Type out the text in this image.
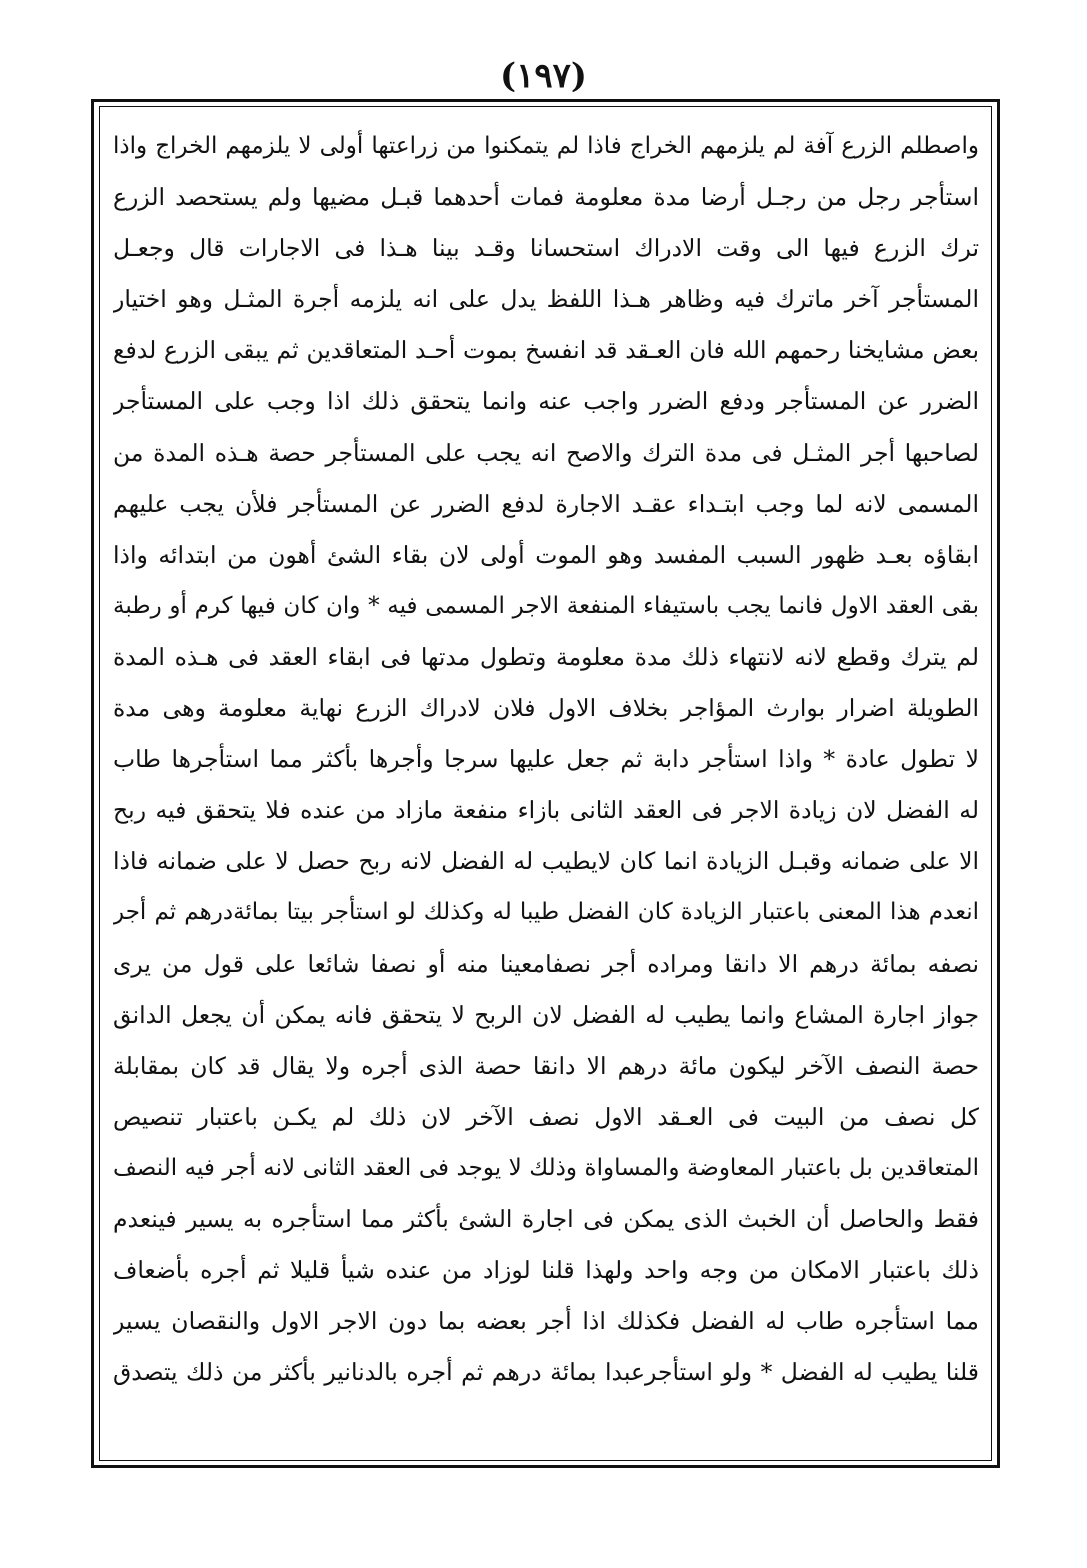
(١٩٧)
واصطلم الزرع آفة لم يلزمهم الخراج فاذا لم يتمكنوا من زراعتها أولى لا يلزمهم الخراج واذا
استأجر رجل من رجـل أرضا مدة معلومة فمات أحدهما قبـل مضيها ولم يستحصد الزرع
ترك الزرع فيها الى وقت الادراك استحسانا وقـد بينا هـذا فى الاجارات قال وجعـل
المستأجر آخر ماترك فيه وظاهر هـذا اللفظ يدل على انه يلزمه أجرة المثـل وهو اختيار
بعض مشايخنا رحمهم الله فان العـقد قد انفسخ بموت أحـد المتعاقدين ثم يبقى الزرع لدفع
الضرر عن المستأجر ودفع الضرر واجب عنه وانما يتحقق ذلك اذا وجب على المستأجر
لصاحبها أجر المثـل فى مدة الترك والاصح انه يجب على المستأجر حصة هـذه المدة من
المسمى لانه لما وجب ابتـداء عقـد الاجارة لدفع الضرر عن المستأجر فلأن يجب عليهم
ابقاؤه بعـد ظهور السبب المفسد وهو الموت أولى لان بقاء الشئ أهون من ابتدائه واذا
بقى العقد الاول فانما يجب باستيفاء المنفعة الاجر المسمى فيه * وان كان فيها كرم أو رطبة
لم يترك وقطع لانه لانتهاء ذلك مدة معلومة وتطول مدتها فى ابقاء العقد فى هـذه المدة
الطويلة اضرار بوارث المؤاجر بخلاف الاول فلان لادراك الزرع نهاية معلومة وهى مدة
لا تطول عادة * واذا استأجر دابة ثم جعل عليها سرجا وأجرها بأكثر مما استأجرها طاب
له الفضل لان زيادة الاجر فى العقد الثانى بازاء منفعة مازاد من عنده فلا يتحقق فيه ربح
الا على ضمانه وقبـل الزيادة انما كان لايطيب له الفضل لانه ربح حصل لا على ضمانه فاذا
انعدم هذا المعنى باعتبار الزيادة كان الفضل طيبا له وكذلك لو استأجر بيتا بمائةدرهم ثم أجر
نصفه بمائة درهم الا دانقا ومراده أجر نصفامعينا منه أو نصفا شائعا على قول من يرى
جواز اجارة المشاع وانما يطيب له الفضل لان الربح لا يتحقق فانه يمكن أن يجعل الدانق
حصة النصف الآخر ليكون مائة درهم الا دانقا حصة الذى أجره ولا يقال قد كان بمقابلة
كل نصف من البيت فى العـقد الاول نصف الآخر لان ذلك لم يكـن باعتبار تنصيص
المتعاقدين بل باعتبار المعاوضة والمساواة وذلك لا يوجد فى العقد الثانى لانه أجر فيه النصف
فقط والحاصل أن الخبث الذى يمكن فى اجارة الشئ بأكثر مما استأجره به يسير فينعدم
ذلك باعتبار الامكان من وجه واحد ولهذا قلنا لوزاد من عنده شيأ قليلا ثم أجره بأضعاف
مما استأجره طاب له الفضل فكذلك اذا أجر بعضه بما دون الاجر الاول والنقصان يسير
قلنا يطيب له الفضل * ولو استأجرعبدا بمائة درهم ثم أجره بالدنانير بأكثر من ذلك يتصدق
